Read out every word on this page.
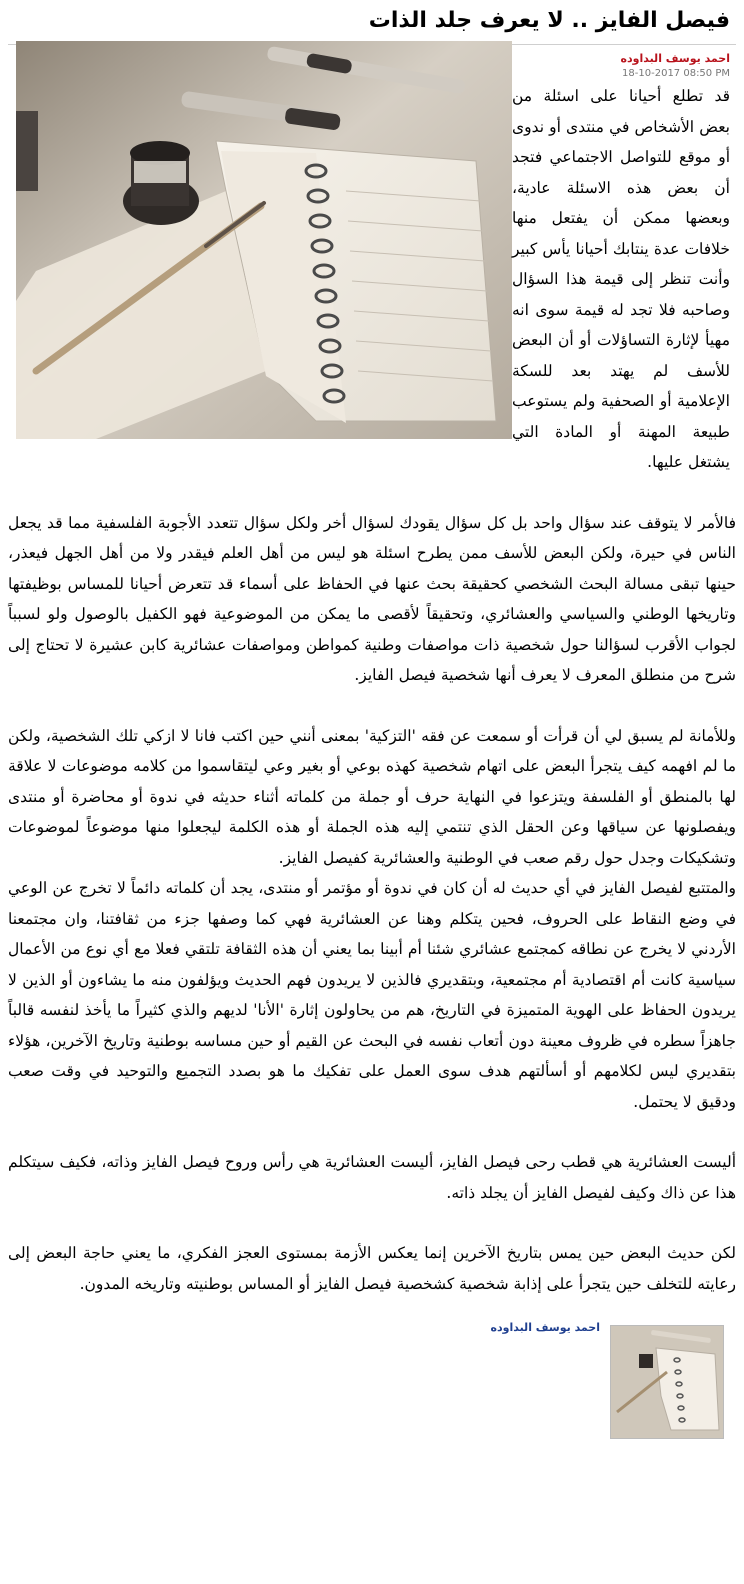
فيصل الفايز .. لا يعرف جلد الذات
احمد يوسف البداوده
18-10-2017 08:50 PM
قد تطلع أحيانا على اسئلة من بعض الأشخاص في منتدى أو ندوى أو موقع للتواصل الاجتماعي فتجد أن بعض هذه الاسئلة عادية، وبعضها ممكن أن يفتعل منها خلافات عدة ينتابك أحيانا يأس كبير وأنت تنظر إلى قيمة هذا السؤال وصاحبه فلا تجد له قيمة سوى انه مهيأ لإثارة التساؤلات أو أن البعض للأسف لم يهتد بعد للسكة الإعلامية أو الصحفية ولم يستوعب طبيعة المهنة أو المادة التي يشتغل عليها.

فالأمر لا يتوقف عند سؤال واحد بل كل سؤال يقودك لسؤال أخر ولكل سؤال تتعدد الأجوبة الفلسفية مما قد يجعل الناس في حيرة، ولكن البعض للأسف ممن يطرح اسئلة هو ليس من أهل العلم فيقدر ولا من أهل الجهل فيعذر، حينها تبقى مسالة البحث الشخصي كحقيقة بحث عنها في الحفاظ على أسماء قد تتعرض أحيانا للمساس بوظيفتها وتاريخها الوطني والسياسي والعشائري، وتحقيقاً لأقصى ما يمكن من الموضوعية فهو الكفيل بالوصول ولو لسبباً لجواب الأقرب لسؤالنا حول شخصية ذات مواصفات وطنية كمواطن ومواصفات عشائرية كابن عشيرة لا تحتاج إلى شرح من منطلق المعرف لا يعرف أنها شخصية فيصل الفايز.

وللأمانة لم يسبق لي أن قرأت أو سمعت عن فقه 'التزكية' بمعنى أنني حين اكتب فانا لا ازكي تلك الشخصية، ولكن ما لم افهمه كيف يتجرأ البعض على اتهام شخصية كهذه بوعي أو بغير وعي ليتقاسموا من كلامه موضوعات لا علاقة لها بالمنطق أو الفلسفة ويتزعوا في النهاية حرف أو جملة من كلماته أثناء حديثه في ندوة أو محاضرة أو منتدى ويفصلونها عن سياقها وعن الحقل الذي تنتمي إليه هذه الجملة أو هذه الكلمة ليجعلوا منها موضوعاً لموضوعات وتشكيكات وجدل حول رقم صعب في الوطنية والعشائرية كفيصل الفايز.

والمتتبع لفيصل الفايز في أي حديث له أن كان في ندوة أو مؤتمر أو منتدى، يجد أن كلماته دائماً لا تخرج عن الوعي في وضع النقاط على الحروف، فحين يتكلم وهنا عن العشائرية فهي كما وصفها جزء من ثقافتنا، وان مجتمعنا الأردني لا يخرج عن نطاقه كمجتمع عشائري شئنا أم أبينا بما يعني أن هذه الثقافة تلتقي فعلا مع أي نوع من الأعمال سياسية كانت أم اقتصادية أم مجتمعية، وبتقديري فالذين لا يريدون فهم الحديث ويؤلفون منه ما يشاءون أو الذين لا يريدون الحفاظ على الهوية المتميزة في التاريخ، هم من يحاولون إثارة 'الأنا' لديهم والذي كثيراً ما يأخذ لنفسه قالباً جاهزاً سطره في ظروف معينة دون أتعاب نفسه في البحث عن القيم أو حين مساسه بوطنية وتاريخ الآخرين، هؤلاء بتقديري ليس لكلامهم أو أسألتهم هدف سوى العمل على تفكيك ما هو بصدد التجميع والتوحيد في وقت صعب ودقيق لا يحتمل.

أليست العشائرية هي قطب رحى فيصل الفايز، أليست العشائرية هي رأس وروح فيصل الفايز وذاته، فكيف سيتكلم هذا عن ذاك وكيف لفيصل الفايز أن يجلد ذاته.

لكن حديث البعض حين يمس بتاريخ الآخرين إنما يعكس الأزمة بمستوى العجز الفكري، ما يعني حاجة البعض إلى رعايته للتخلف حين يتجرأ على إذابة شخصية كشخصية فيصل الفايز أو المساس بوطنيته وتاريخه المدون.

احمد يوسف البداوده
